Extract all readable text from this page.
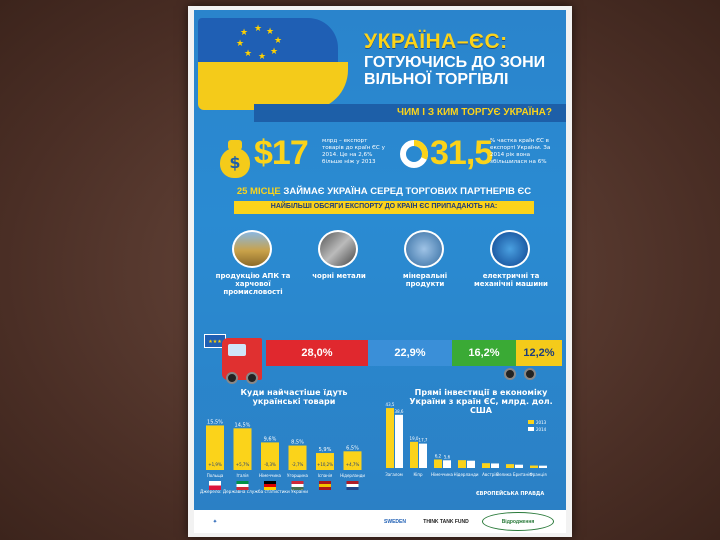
★ ★
★
★
★
★
★
★	УКРАЇНА–ЄС:
ГОТУЮЧИСЬ ДО ЗОНИ
ВІЛЬНОЇ ТОРГІВЛІ
ЧИМ І З КИМ ТОРГУЄ УКРАЇНА?
$ $17	млрд – експорт товарів до країн ЄС у 2014. Це на 2,6% більше ніж у 2013	31,5
% частка країн ЄС в експорті України. За 2014 рік вона збільшилася на 6%
25 МІСЦЕ ЗАЙМАЄ УКРАЇНА СЕРЕД ТОРГОВИХ ПАРТНЕРІВ ЄС
НАЙБІЛЬШІ ОБСЯГИ ЕКСПОРТУ ДО КРАЇН ЄС ПРИПАДАЮТЬ НА:
продукцію АПК та харчової промисловості
чорні метали	мінеральні продукти
електричні та механічні машини
★★★
28,0%	22,9%	16,2%	12,2%
Куди найчастіше їдуть українські товари
Прямі інвестиції в економіку України з країн ЄС, млрд. дол. США
15,5%
+1,9%
Польща
14,5%
+5,7%
Італія
9,6%
-0,3%
Німеччина
8,5%
-2,7%
Угорщина
5,9%
+10,2%
Іспанія
6,5%
+4,7%
Нідерланди	Загалом	Кіпр Німеччина Нідерланди Австрія
Велика Британія
Франція
43,5
38,6
19,0 17,7
6,2 5,6
2013
2014
Джерело: Державна служба статистики України	ЄВРОПЕЙСЬКА ПРАВДА
✦	SWEDEN	THINK TANK FUND	Відродження
